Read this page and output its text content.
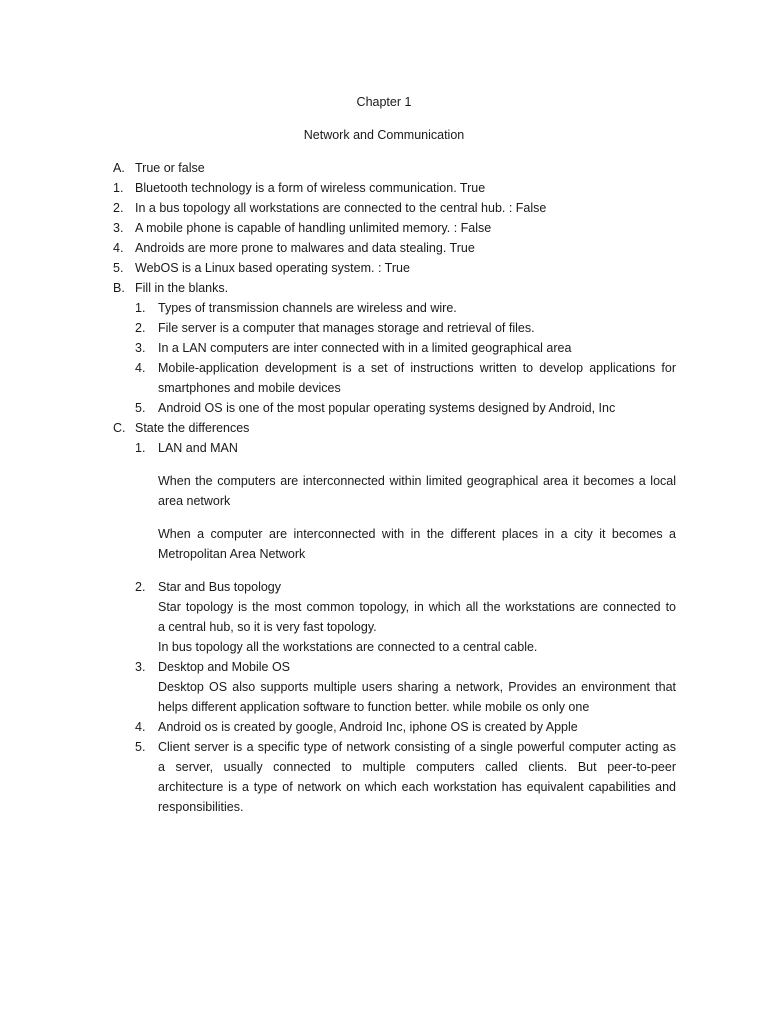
Chapter 1
Network and Communication
A. True or false
1. Bluetooth technology is a form of wireless communication. True
2. In a bus topology all workstations are connected to the central hub. : False
3. A mobile phone is capable of handling unlimited memory. : False
4. Androids are more prone to malwares and data stealing. True
5. WebOS is a Linux based operating system. : True
B. Fill in the blanks.
1. Types of transmission channels are wireless and wire.
2. File server is a computer that manages storage and retrieval of files.
3. In a LAN computers are inter connected with in a limited geographical area
4. Mobile-application development is a set of instructions written to develop applications for
smartphones and mobile devices
5. Android OS is one of the most popular operating systems designed by Android, Inc
C. State the differences
1. LAN and MAN
When the computers are interconnected within limited geographical area it becomes a local
area network
When a computer are interconnected with in the different places in a city it becomes a
Metropolitan Area Network
2. Star and Bus topology
Star topology is the most common topology, in which all the workstations are connected to
a central hub, so it is very fast topology.
In bus topology all the workstations are connected to a central cable.
3. Desktop and Mobile OS
Desktop OS also supports multiple users sharing a network, Provides an environment that
helps different application software to function better. while mobile os only one
4. Android os is created by google, Android Inc, iphone OS is created by Apple
5. Client server is a specific type of network consisting of a single powerful computer acting as
a server, usually connected to multiple computers called clients. But peer-to-peer
architecture is a type of network on which each workstation has equivalent capabilities and
responsibilities.
